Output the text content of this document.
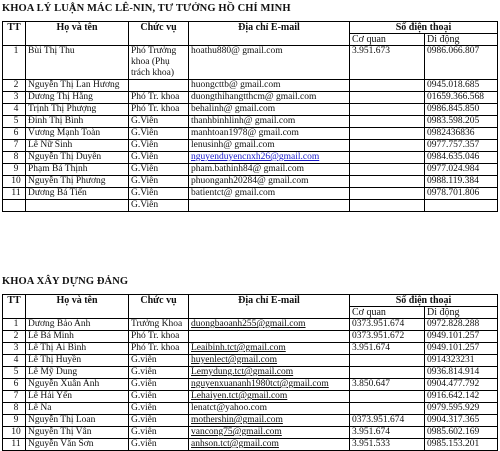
KHOA LÝ LUẬN MÁC LÊ-NIN, TƯ TƯỞNG HỒ CHÍ MINH
TT	Họ và tên	Chức vụ	Địa chỉ E-mail	Số điện thoại	
				Cơ quan	Di động
1	Bùi Thị Thu	Phó Trưởng khoa (Phụ trách khoa)	hoathu880@ gmail.com	3.951.673	0986.066.807
2	Nguyễn Thị Lan Hương		huongcttb@ gmail.com		0945.018.685
3	Dương Thị Hằng	Phó Tr. khoa	duongthihangtthcm@ gmail.com		01659.366.568
4	Trịnh Thị Phượng	Phó Tr. khoa	behalinh@ gmail.com		0986.845.850
5	Đinh Thị Bình	G.Viên	thanhbinhlinh@ gmail.com		0983.598.205
6	Vương Mạnh Toàn	G.Viên	manhtoan1978@ gmail.com		0982436836
7	Lê Nữ Sinh	G.Viên	lenusinh@ gmail.com		0977.757.357
8	Nguyễn Thị Duyên	G.Viên	nguyenduyencnxh26@gmail.com		0984.635.046
9	Phạm Bá Thịnh	G.Viên	pham.bathinh84@ gmail.com		0977.024.984
10	Nguyễn Thị Phương	G.Viên	phuonganh20284@ gmail.com		0988.119.384
11	Dương Bá Tiến	G.Viên	batientct@ gmail.com		0978.701.806
		G.Viên			
KHOA XÂY DỰNG ĐẢNG
TT	Họ và tên	Chức vụ	Địa chỉ E-mail	Số điện thoại	
				Cơ quan	Di động
1	Dương Bảo Anh	Trưởng Khoa	duongbaoanh255@gmail.com	0373.951.674	0972.828.288
2	Lê Bá Minh	Phó Tr. khoa		0373.951.672	0949.101.257
3	Lê Thị Ái Bình	Phó Tr. khoa	Leaibinh.tct@gmail.com	3.951.674	0949.101.257
4	Lê Thị Huyền	G.viên	huyenlect@gmail.com		0914323231
5	Lê Mỹ Dung	G.viên	Lemydung.tct@gmail.com		0936.814.914
6	Nguyễn Xuân Anh	G.viên	nguyenxuananh1980tct@gmail.com	3.850.647	0904.477.792
7	Lê Hải Yến	G.viên	Lehaiyen.tct@gmail.com		0916.642.142
8	Lê Na	G.viên	lenatct@yahoo.com		0979.595.929
9	Nguyễn Thị Loan	G.viên	mothershin@gmail.com	0373.951.674	0904.317.365
10	Nguyễn Thị Vân	G.viên	vancong75@gmail.com	3.951.674	0985.602.169
11	Nguyễn Văn Sơn	G.viên	anhson.tct@gmail.com	3.951.533	0985.153.201
